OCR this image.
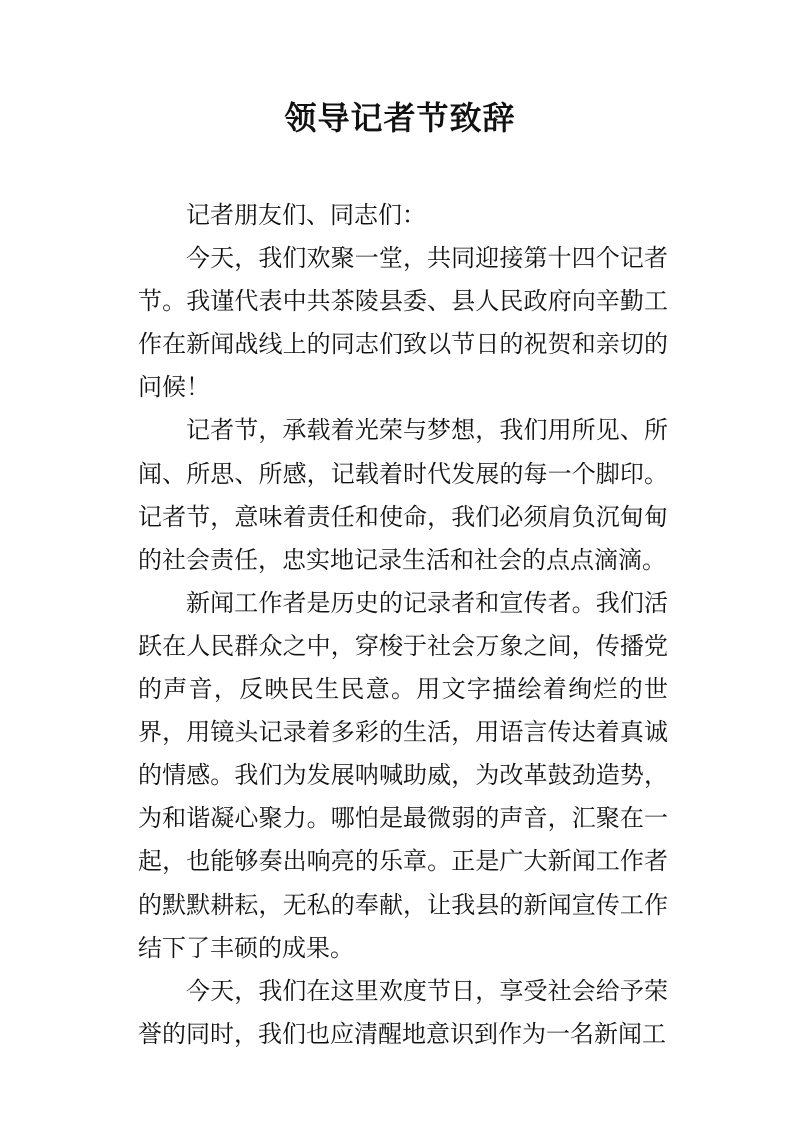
领导记者节致辞

记者朋友们、同志们：

今天，我们欢聚一堂，共同迎接第十四个记者节。我谨代表中共茶陵县委、县人民政府向辛勤工作在新闻战线上的同志们致以节日的祝贺和亲切的问候！

记者节，承载着光荣与梦想，我们用所见、所闻、所思、所感，记载着时代发展的每一个脚印。记者节，意味着责任和使命，我们必须肩负沉甸甸的社会责任，忠实地记录生活和社会的点点滴滴。

新闻工作者是历史的记录者和宣传者。我们活跃在人民群众之中，穿梭于社会万象之间，传播党的声音，反映民生民意。用文字描绘着绚烂的世界，用镜头记录着多彩的生活，用语言传达着真诚的情感。我们为发展呐喊助威，为改革鼓劲造势，为和谐凝心聚力。哪怕是最微弱的声音，汇聚在一起，也能够奏出响亮的乐章。正是广大新闻工作者的默默耕耘，无私的奉献，让我县的新闻宣传工作结下了丰硕的成果。

今天，我们在这里欢度节日，享受社会给予荣誉的同时，我们也应清醒地意识到作为一名新闻工
